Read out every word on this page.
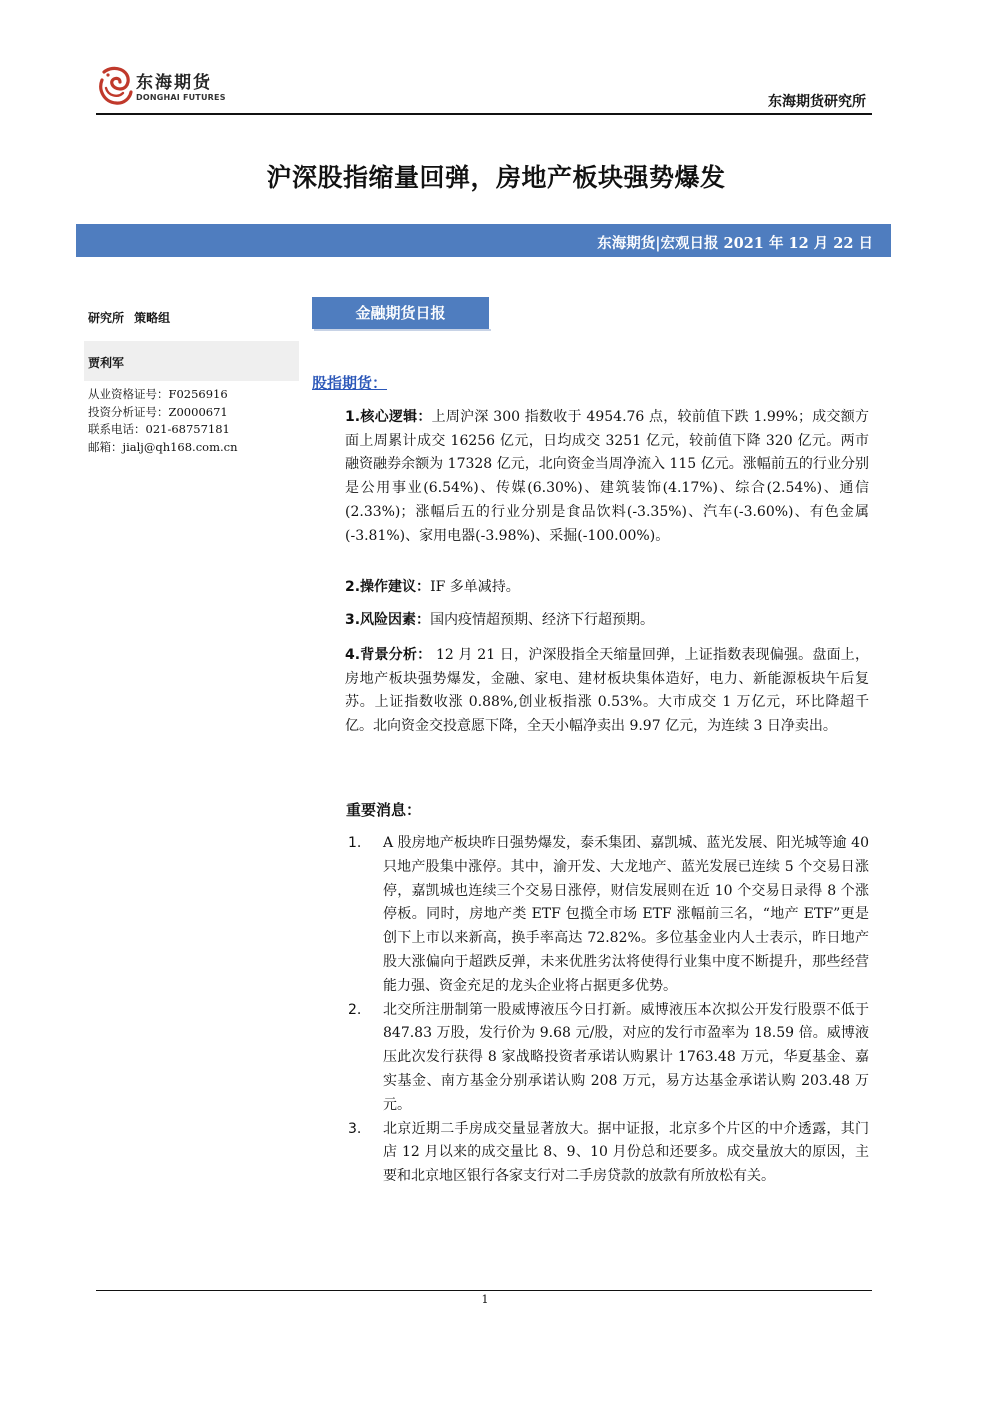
东海期货
DONGHAI FUTURES	东海期货研究所
沪深股指缩量回弹，房地产板块强势爆发
东海期货|宏观日报 2021 年 12 月 22 日
研究所 策略组
贾利军
从业资格证号：F0256916
投资分析证号：Z0000671
联系电话：021-68757181
邮箱：jialj@qh168.com.cn
金融期货日报
股指期货：

1.核心逻辑：上周沪深 300 指数收于 4954.76 点，较前值下跌 1.99%；成交额方面上周累计成交 16256 亿元，日均成交 3251 亿元，较前值下降 320 亿元。两市融资融券余额为 17328 亿元，北向资金当周净流入 115 亿元。涨幅前五的行业分别是公用事业(6.54%)、传媒(6.30%)、建筑装饰(4.17%)、综合(2.54%)、通信(2.33%)；涨幅后五的行业分别是食品饮料(-3.35%)、汽车(-3.60%)、有色金属(-3.81%)、家用电器(-3.98%)、采掘(-100.00%)。

2.操作建议：IF 多单减持。

3.风险因素：国内疫情超预期、经济下行超预期。

4.背景分析： 12 月 21 日，沪深股指全天缩量回弹，上证指数表现偏强。盘面上，房地产板块强势爆发，金融、家电、建材板块集体造好，电力、新能源板块午后复苏。上证指数收涨 0.88%,创业板指涨 0.53%。大市成交 1 万亿元，环比降超千亿。北向资金交投意愿下降，全天小幅净卖出 9.97 亿元，为连续 3 日净卖出。

重要消息：
1. A 股房地产板块昨日强势爆发，泰禾集团、嘉凯城、蓝光发展、阳光城等逾 40 只地产股集中涨停。其中，渝开发、大龙地产、蓝光发展已连续 5 个交易日涨停，嘉凯城也连续三个交易日涨停，财信发展则在近 10 个交易日录得 8 个涨停板。同时，房地产类 ETF 包揽全市场 ETF 涨幅前三名，“地产 ETF”更是创下上市以来新高，换手率高达 72.82%。多位基金业内人士表示，昨日地产股大涨偏向于超跌反弹，未来优胜劣汰将使得行业集中度不断提升，那些经营能力强、资金充足的龙头企业将占据更多优势。
2. 北交所注册制第一股威博液压今日打新。威博液压本次拟公开发行股票不低于 847.83 万股，发行价为 9.68 元/股，对应的发行市盈率为 18.59 倍。威博液压此次发行获得 8 家战略投资者承诺认购累计 1763.48 万元，华夏基金、嘉实基金、南方基金分别承诺认购 208 万元，易方达基金承诺认购 203.48 万元。
3. 北京近期二手房成交量显著放大。据中证报，北京多个片区的中介透露，其门店 12 月以来的成交量比 8、9、10 月份总和还要多。成交量放大的原因，主要和北京地区银行各家支行对二手房贷款的放款有所放松有关。
1
